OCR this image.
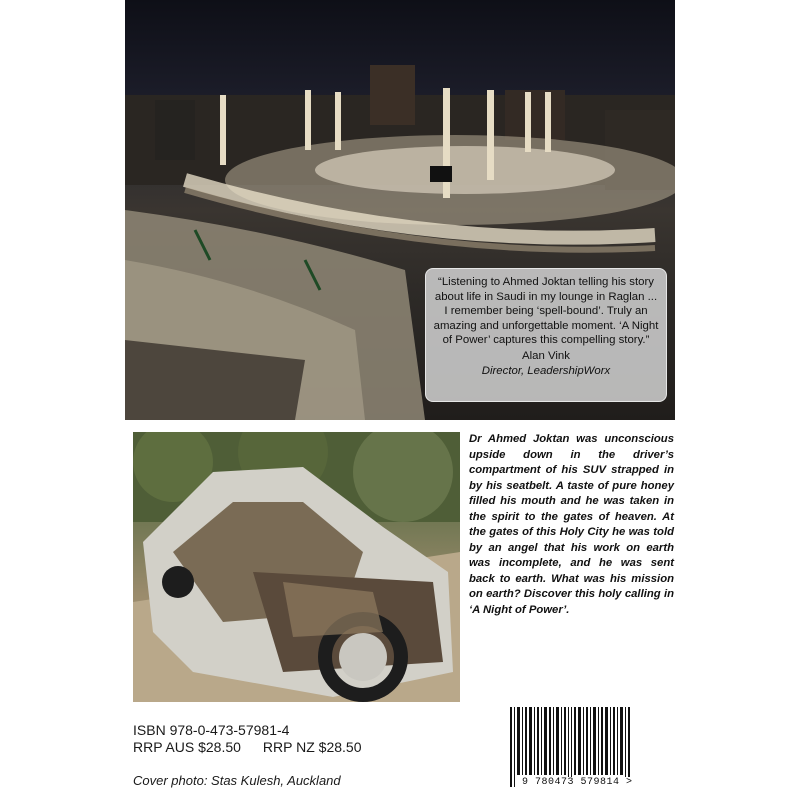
“Listening to Ahmed Joktan telling his story about life in Saudi in my lounge in Raglan ... I remember being ‘spell-bound’. Truly an amazing and unforgettable moment. ‘A Night of Power’ captures this compelling story.”

Alan Vink

Director, LeadershipWorx

Dr Ahmed Joktan was unconscious upside down in the driver’s compartment of his SUV strapped in by his seatbelt. A taste of pure honey filled his mouth and he was taken in the spirit to the gates of heaven. At the gates of this Holy City he was told by an angel that his work on earth was incomplete, and he was sent back to earth. What was his mission on earth? Discover this holy calling in ‘A Night of Power’.

ISBN 978-0-473-57981-4
RRP AUS $28.50 RRP NZ $28.50
Cover photo: Stas Kulesh, Auckland	9 780473 579814 >
